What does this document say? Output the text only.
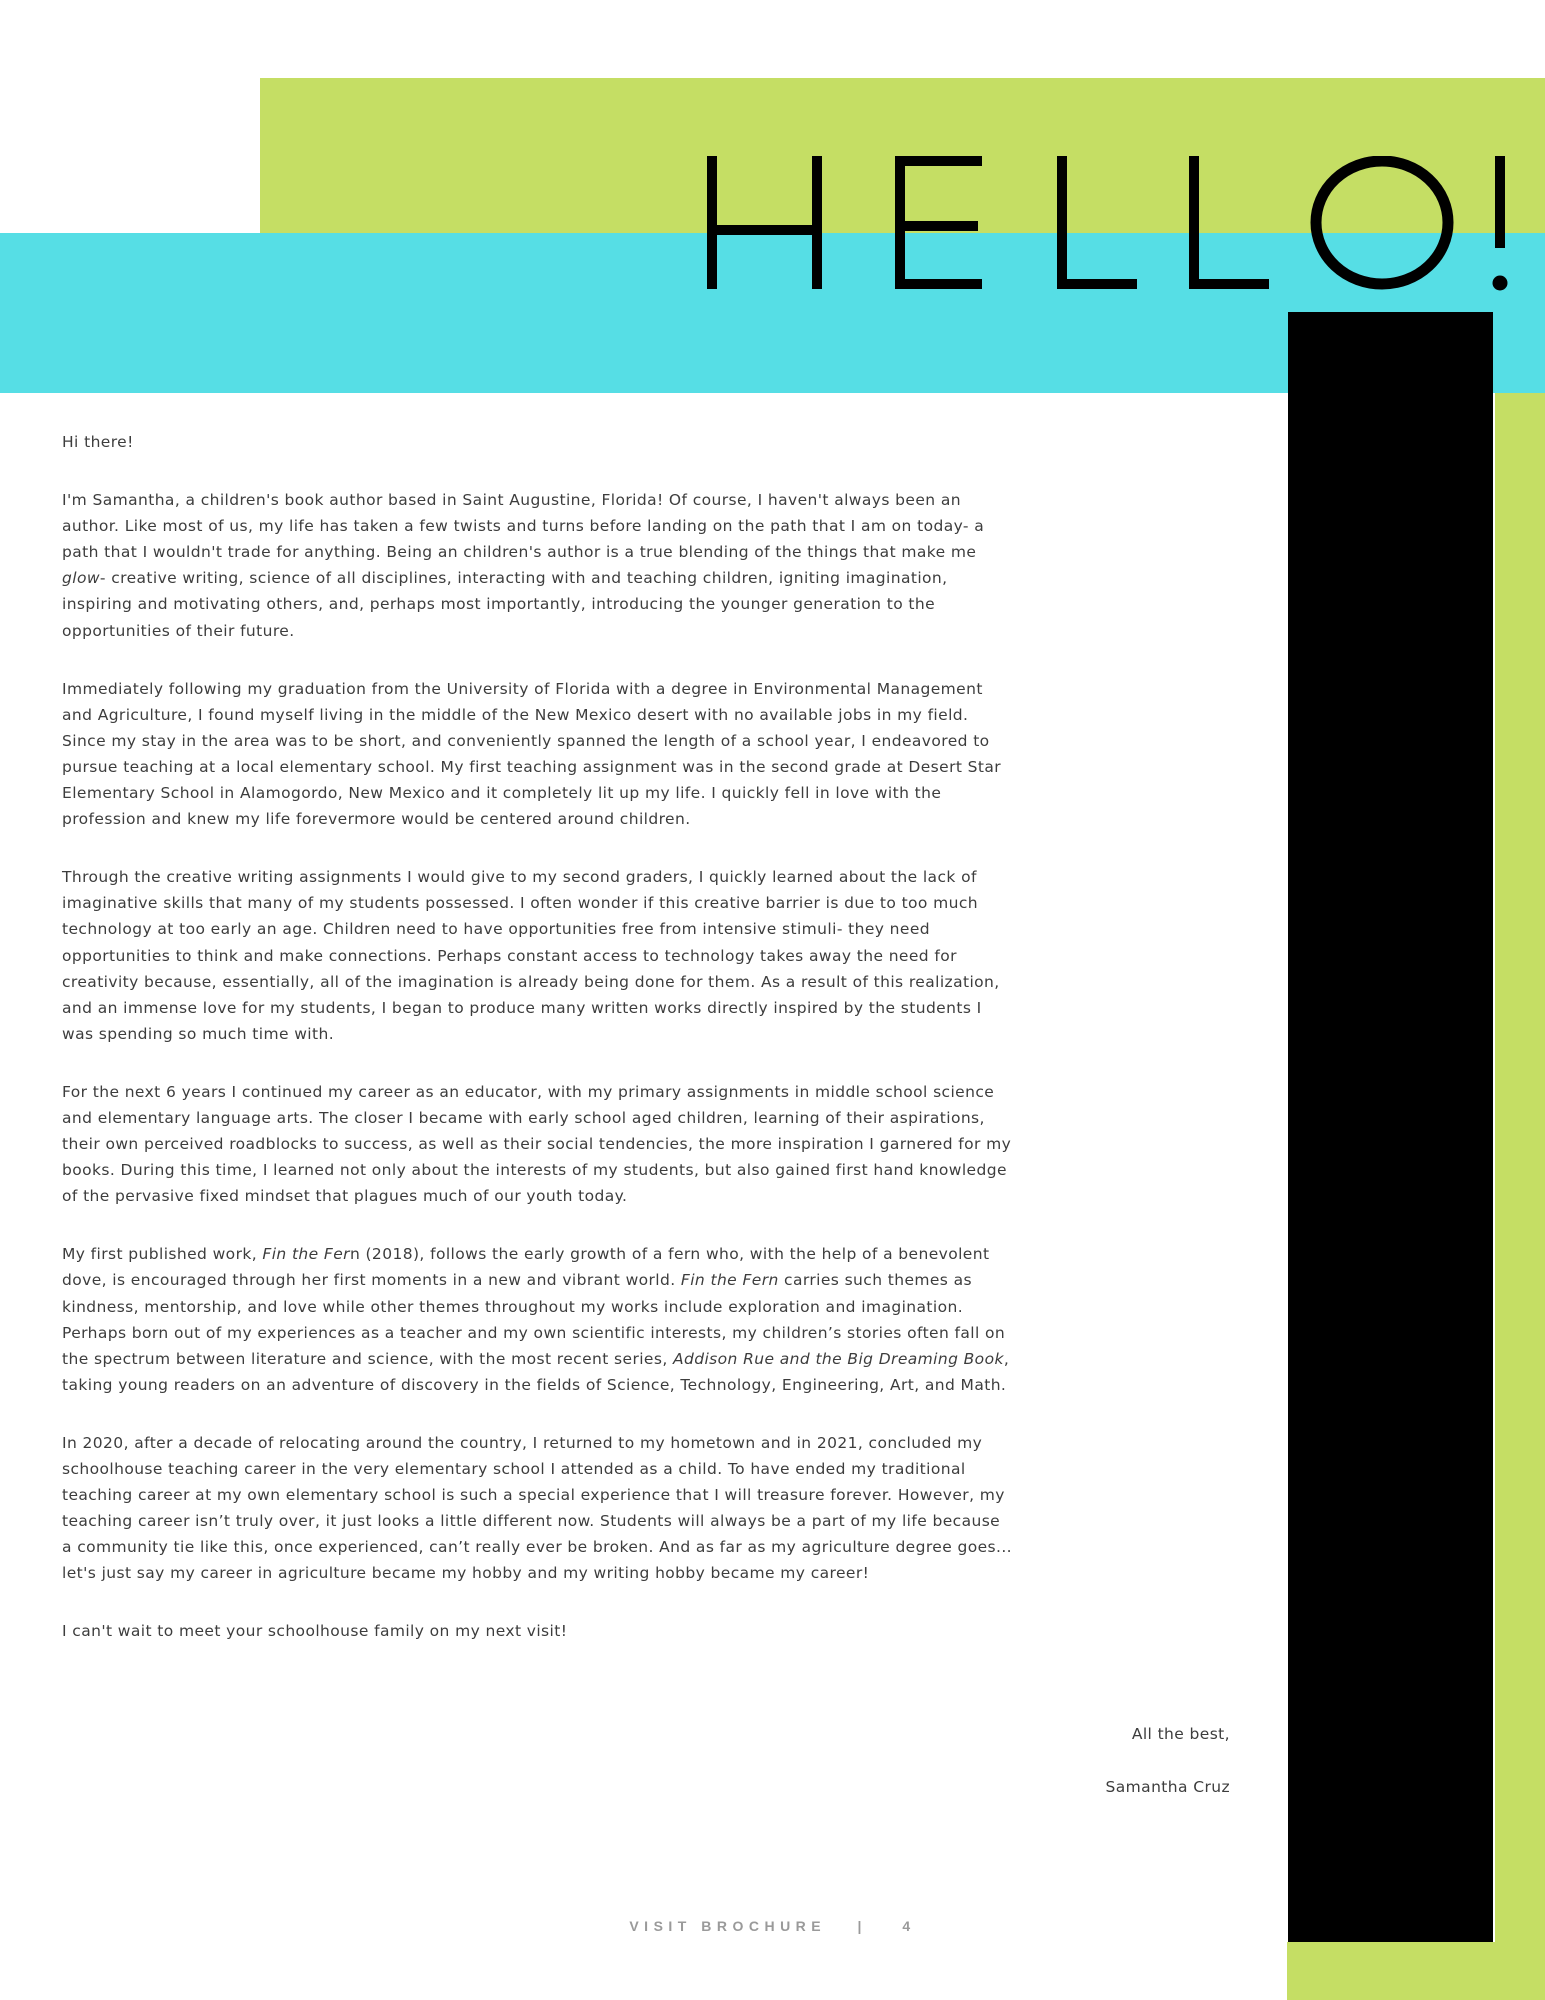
Hi there!

I'm Samantha, a children's book author based in Saint Augustine, Florida! Of course, I haven't always been an author. Like most of us, my life has taken a few twists and turns before landing on the path that I am on today- a path that I wouldn't trade for anything. Being an children's author is a true blending of the things that make me glow- creative writing, science of all disciplines, interacting with and teaching children, igniting imagination, inspiring and motivating others, and, perhaps most importantly, introducing the younger generation to the opportunities of their future.

Immediately following my graduation from the University of Florida with a degree in Environmental Management and Agriculture, I found myself living in the middle of the New Mexico desert with no available jobs in my field. Since my stay in the area was to be short, and conveniently spanned the length of a school year, I endeavored to pursue teaching at a local elementary school. My first teaching assignment was in the second grade at Desert Star Elementary School in Alamogordo, New Mexico and it completely lit up my life. I quickly fell in love with the profession and knew my life forevermore would be centered around children.

Through the creative writing assignments I would give to my second graders, I quickly learned about the lack of imaginative skills that many of my students possessed. I often wonder if this creative barrier is due to too much technology at too early an age. Children need to have opportunities free from intensive stimuli- they need opportunities to think and make connections. Perhaps constant access to technology takes away the need for creativity because, essentially, all of the imagination is already being done for them. As a result of this realization, and an immense love for my students, I began to produce many written works directly inspired by the students I was spending so much time with.

For the next 6 years I continued my career as an educator, with my primary assignments in middle school science and elementary language arts. The closer I became with early school aged children, learning of their aspirations, their own perceived roadblocks to success, as well as their social tendencies, the more inspiration I garnered for my books. During this time, I learned not only about the interests of my students, but also gained first hand knowledge of the pervasive fixed mindset that plagues much of our youth today.

My first published work, Fin the Fern (2018), follows the early growth of a fern who, with the help of a benevolent dove, is encouraged through her first moments in a new and vibrant world. Fin the Fern carries such themes as kindness, mentorship, and love while other themes throughout my works include exploration and imagination. Perhaps born out of my experiences as a teacher and my own scientific interests, my children’s stories often fall on the spectrum between literature and science, with the most recent series, Addison Rue and the Big Dreaming Book, taking young readers on an adventure of discovery in the fields of Science, Technology, Engineering, Art, and Math.

In 2020, after a decade of relocating around the country, I returned to my hometown and in 2021, concluded my schoolhouse teaching career in the very elementary school I attended as a child. To have ended my traditional teaching career at my own elementary school is such a special experience that I will treasure forever. However, my teaching career isn’t truly over, it just looks a little different now. Students will always be a part of my life because a community tie like this, once experienced, can’t really ever be broken. And as far as my agriculture degree goes... let's just say my career in agriculture became my hobby and my writing hobby became my career!

I can't wait to meet your schoolhouse family on my next visit!

All the best,

Samantha Cruz

VISIT BROCHURE |	4
